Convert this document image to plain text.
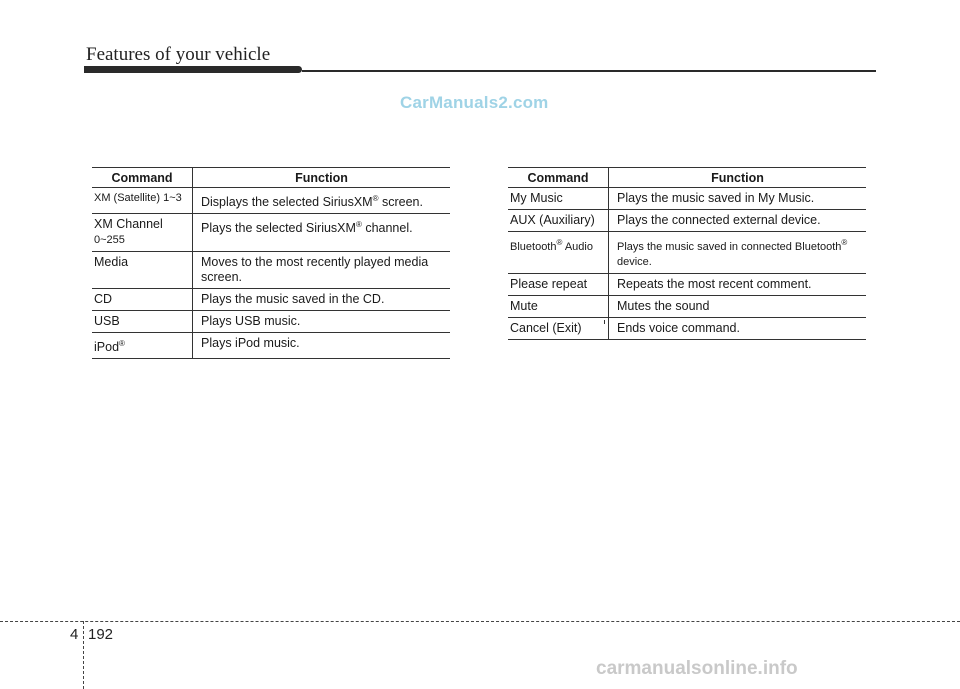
Features of your vehicle
CarManuals2.com
Command	Function
XM (Satellite) 1~3	Displays the selected SiriusXM® screen.
XM Channel
0~255	Plays the selected SiriusXM® channel.
Media	Moves to the most recently played media
screen.

CD	Plays the music saved in the CD.
USB	Plays USB music.
iPod®	Plays iPod music.
Command	Function
My Music	Plays the music saved in My Music.
AUX (Auxiliary)	Plays the connected external device.
Bluetooth® Audio	Plays the music saved in connected Bluetooth®
device.
Please repeat	Repeats the most recent comment.
Mute	Mutes the sound
Cancel (Exit)	Ends voice command.
4 192
carmanualsonline.info
